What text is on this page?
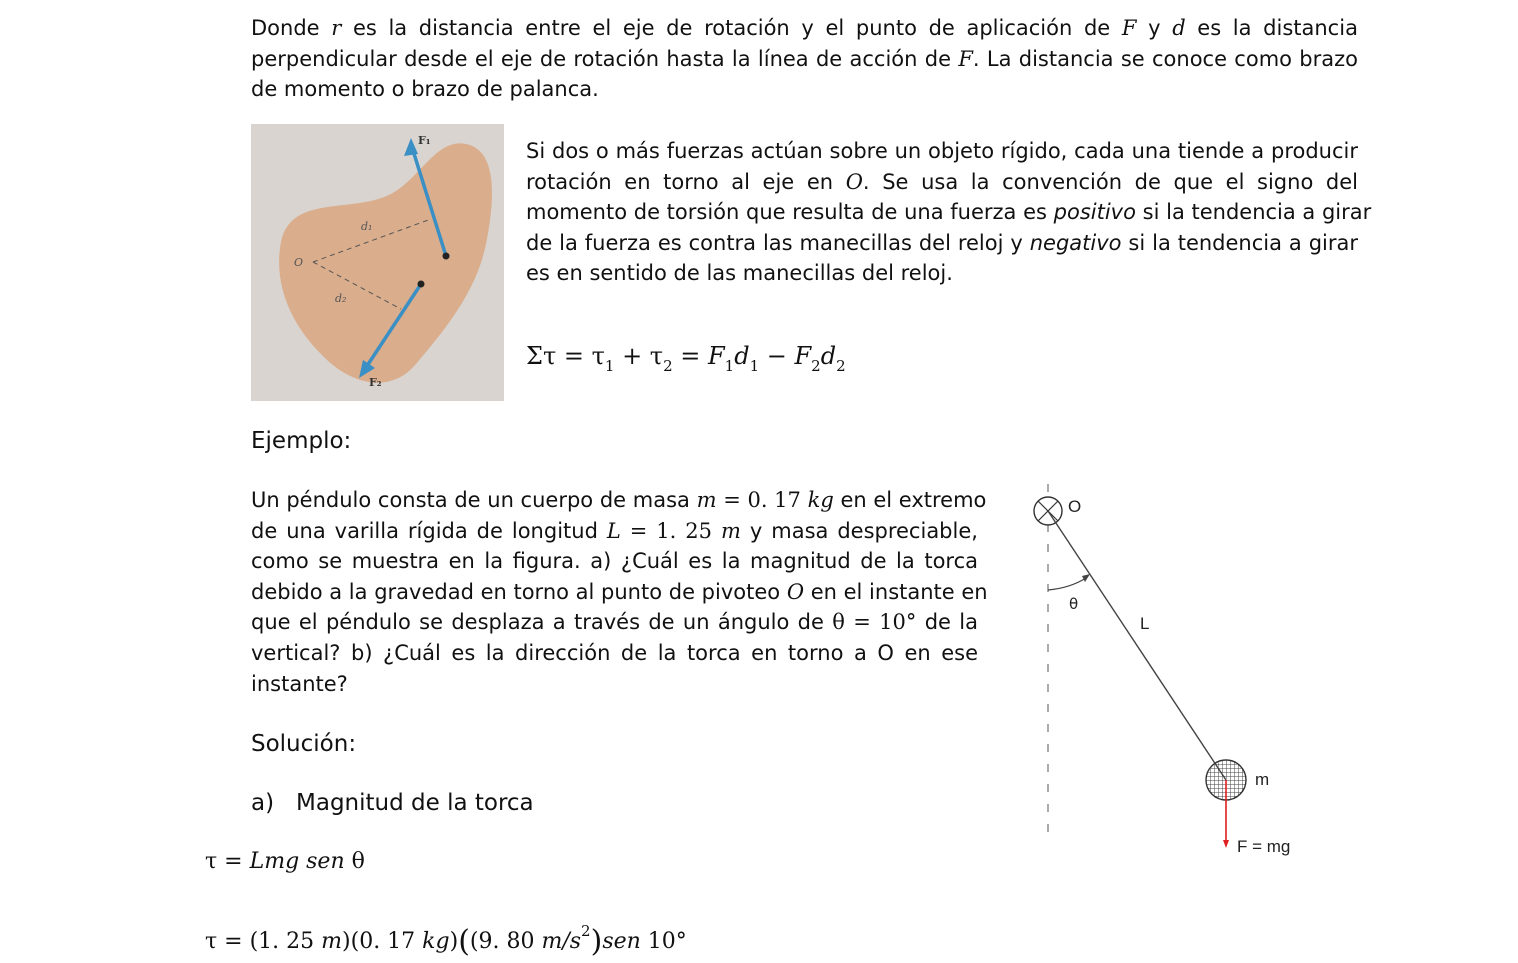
Donde r es la distancia entre el eje de rotación y el punto de aplicación de F y d es la distancia
perpendicular desde el eje de rotación hasta la línea de acción de F. La distancia se conoce como brazo
de momento o brazo de palanca.
F₁
F₂
O
d₁
d₂
Si dos o más fuerzas actúan sobre un objeto rígido, cada una tiende a producir
rotación en torno al eje en O. Se usa la convención de que el signo del
momento de torsión que resulta de una fuerza es positivo si la tendencia a girar
de la fuerza es contra las manecillas del reloj y negativo si la tendencia a girar
es en sentido de las manecillas del reloj.
$\Sigma\tau = \tau_1 + \tau_2 = F_1d_1 - F_2d_2$
Ejemplo:
Un péndulo consta de un cuerpo de masa m = 0. 17 kg en el extremo
de una varilla rígida de longitud L = 1. 25 m y masa despreciable,
como se muestra en la figura. a) ¿Cuál es la magnitud de la torca
debido a la gravedad en torno al punto de pivoteo O en el instante en
que el péndulo se desplaza a través de un ángulo de θ = 10° de la
vertical? b) ¿Cuál es la dirección de la torca en torno a O en ese
instante?
O
θ
L
m
F = mg
Solución:
a) Magnitud de la torca
τ = Lmg sen θ
τ = (1. 25 m)(0. 17 kg)((9. 80 $m/s^2)sen$ 10°
